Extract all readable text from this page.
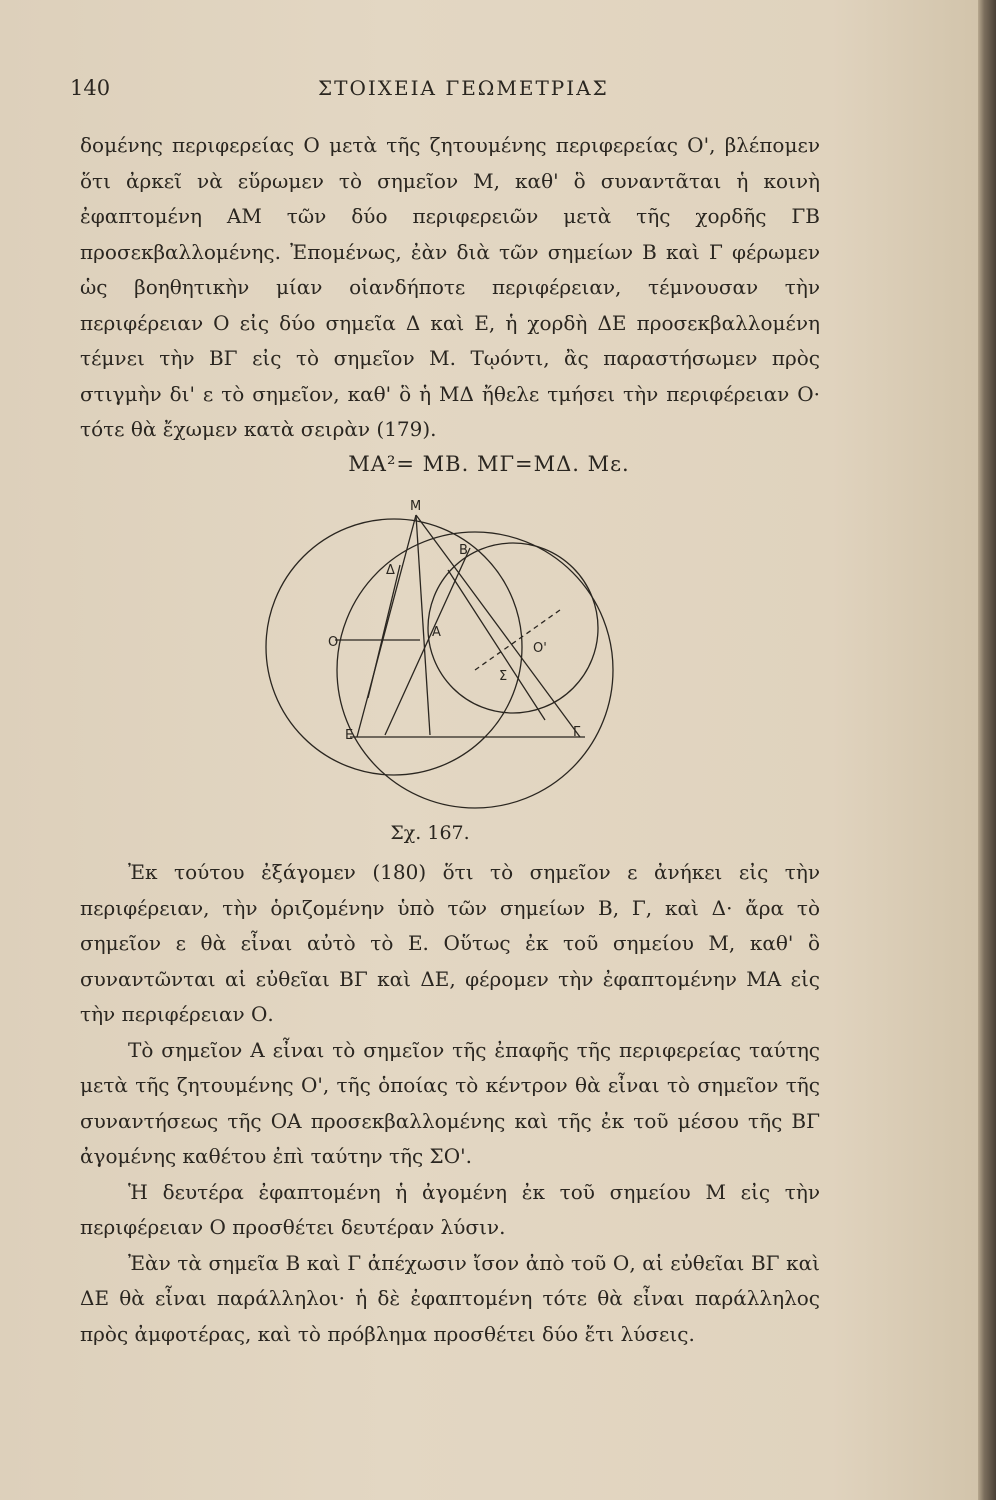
140	ΣΤΟΙΧΕΙΑ ΓΕΩΜΕΤΡΙΑΣ

δομένης περιφερείας Ο μετὰ τῆς ζητουμένης περιφερείας Ο', βλέπομεν ὅτι ἀρκεῖ νὰ εὕρωμεν τὸ σημεῖον Μ, καθ' ὃ συναντᾶται ἡ κοινὴ ἐφαπτομένη ΑΜ τῶν δύο περιφερειῶν μετὰ τῆς χορδῆς ΓΒ προσεκβαλλομένης. Ἐπομένως, ἐὰν διὰ τῶν σημείων Β καὶ Γ φέρωμεν ὡς βοηθητικὴν μίαν οἱανδήποτε περιφέρειαν, τέμνουσαν τὴν περιφέρειαν Ο εἰς δύο σημεῖα Δ καὶ Ε, ἡ χορδὴ ΔΕ προσεκβαλλομένη τέμνει τὴν ΒΓ εἰς τὸ σημεῖον Μ. Τῳόντι, ἂς παραστήσωμεν πρὸς στιγμὴν δι' ε τὸ σημεῖον, καθ' ὃ ἡ ΜΔ ἤθελε τμήσει τὴν περιφέρειαν Ο· τότε θὰ ἔχωμεν κατὰ σειρὰν (179).

ΜΑ²= ΜΒ. ΜΓ=ΜΔ. Με.
M
B
Δ
O
A
O'
Σ
E	Γ
Σχ. 167.
Ἐκ τούτου ἐξάγομεν (180) ὅτι τὸ σημεῖον ε ἀνήκει εἰς τὴν περιφέρειαν, τὴν ὁριζομένην ὑπὸ τῶν σημείων Β, Γ, καὶ Δ· ἄρα τὸ σημεῖον ε θὰ εἶναι αὐτὸ τὸ Ε. Οὕτως ἐκ τοῦ σημείου Μ, καθ' ὃ συναντῶνται αἱ εὐθεῖαι ΒΓ καὶ ΔΕ, φέρομεν τὴν ἐφαπτομένην ΜΑ εἰς τὴν περιφέρειαν Ο.
Τὸ σημεῖον Α εἶναι τὸ σημεῖον τῆς ἐπαφῆς τῆς περιφερείας ταύτης μετὰ τῆς ζητουμένης Ο', τῆς ὁποίας τὸ κέντρον θὰ εἶναι τὸ σημεῖον τῆς συναντήσεως τῆς ΟΑ προσεκβαλλομένης καὶ τῆς ἐκ τοῦ μέσου τῆς ΒΓ ἀγομένης καθέτου ἐπὶ ταύτην τῆς ΣΟ'.
Ἡ δευτέρα ἐφαπτομένη ἡ ἀγομένη ἐκ τοῦ σημείου Μ εἰς τὴν περιφέρειαν Ο προσθέτει δευτέραν λύσιν.
Ἐὰν τὰ σημεῖα Β καὶ Γ ἀπέχωσιν ἴσον ἀπὸ τοῦ Ο, αἱ εὐθεῖαι ΒΓ καὶ ΔΕ θὰ εἶναι παράλληλοι· ἡ δὲ ἐφαπτομένη τότε θὰ εἶναι παράλληλος πρὸς ἀμφοτέρας, καὶ τὸ πρόβλημα προσθέτει δύο ἔτι λύσεις.
